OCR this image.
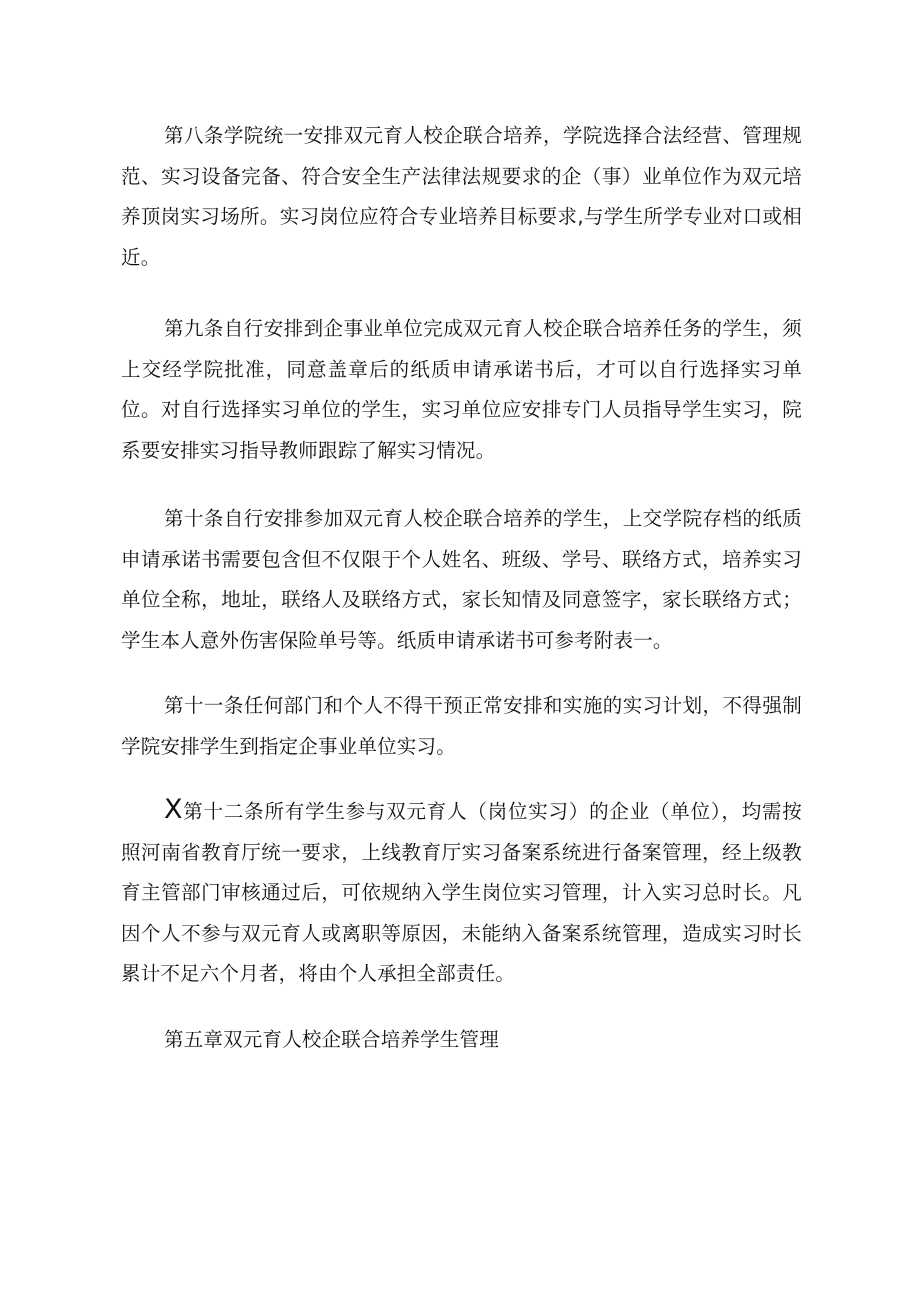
第八条学院统一安排双元育人校企联合培养，学院选择合法经营、管理规范、实习设备完备、符合安全生产法律法规要求的企（事）业单位作为双元培养顶岗实习场所。实习岗位应符合专业培养目标要求,与学生所学专业对口或相近。

第九条自行安排到企事业单位完成双元育人校企联合培养任务的学生，须上交经学院批准，同意盖章后的纸质申请承诺书后，才可以自行选择实习单位。对自行选择实习单位的学生，实习单位应安排专门人员指导学生实习，院系要安排实习指导教师跟踪了解实习情况。

第十条自行安排参加双元育人校企联合培养的学生，上交学院存档的纸质申请承诺书需要包含但不仅限于个人姓名、班级、学号、联络方式，培养实习单位全称，地址，联络人及联络方式，家长知情及同意签字，家长联络方式；学生本人意外伤害保险单号等。纸质申请承诺书可参考附表一。

第十一条任何部门和个人不得干预正常安排和实施的实习计划，不得强制学院安排学生到指定企事业单位实习。

X第十二条所有学生参与双元育人（岗位实习）的企业（单位），均需按照河南省教育厅统一要求，上线教育厅实习备案系统进行备案管理，经上级教育主管部门审核通过后，可依规纳入学生岗位实习管理，计入实习总时长。凡因个人不参与双元育人或离职等原因，未能纳入备案系统管理，造成实习时长累计不足六个月者，将由个人承担全部责任。

第五章双元育人校企联合培养学生管理
